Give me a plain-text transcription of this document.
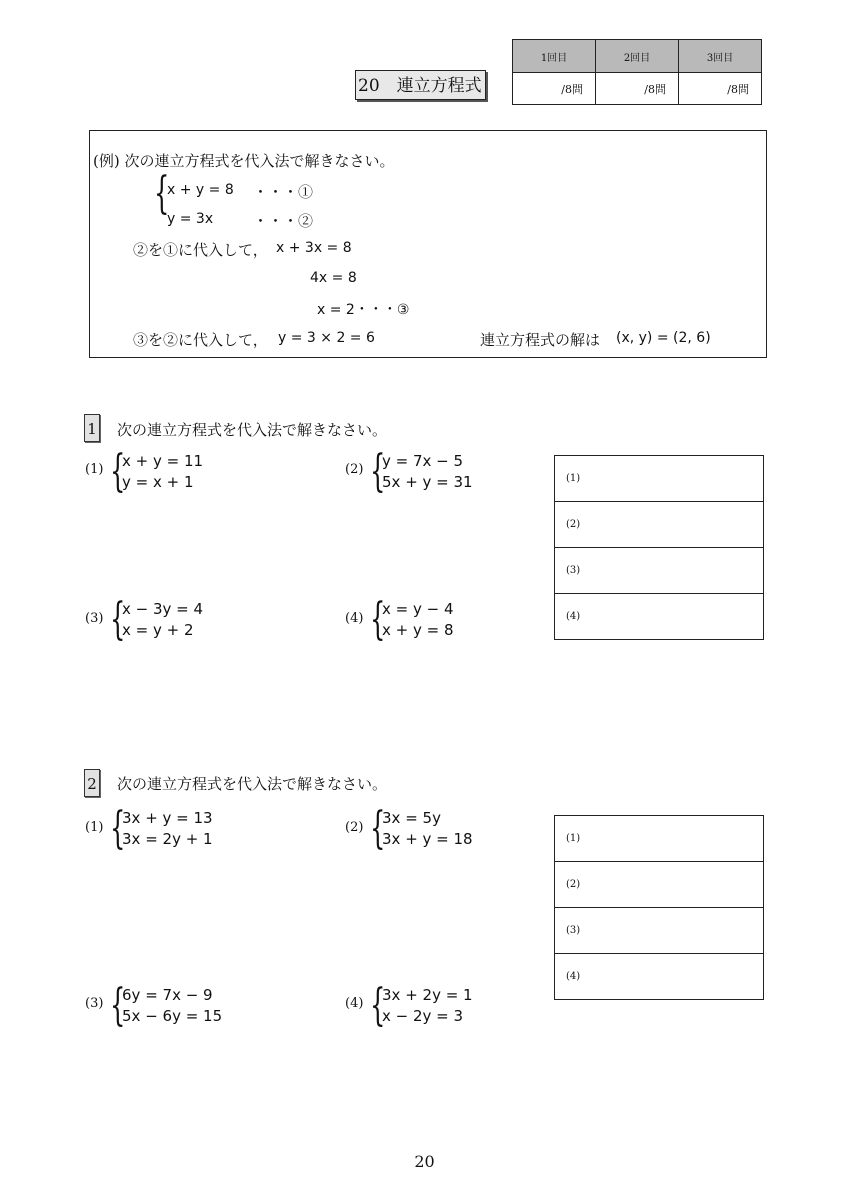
1回目	2回目	3回目
/8問	/8問	/8問
20　連立方程式
(例) 次の連立方程式を代入法で解きなさい。
{
x + y = 8 ・・・①
y = 3x	・・・②
②を①に代入して， x + 3x = 8
4x = 8
x = 2・・・③
③を②に代入して， y = 3 × 2 = 6	連立方程式の解は (x, y) = (2, 6)
1 次の連立方程式を代入法で解きなさい。
(1) {
x + y = 11
y = x + 1
(2) {
y = 7x − 5
5x + y = 31
(3) {
x − 3y = 4
x = y + 2
(4) {
x = y − 4
x + y = 8
(1)
(2)
(3)
(4)
2 次の連立方程式を代入法で解きなさい。
(1) {
3x + y = 13
3x = 2y + 1
(2) {
3x = 5y
3x + y = 18
(3) {
6y = 7x − 9
5x − 6y = 15
(4) {
3x + 2y = 1
x − 2y = 3
(1)
(2)
(3)
(4)
20
